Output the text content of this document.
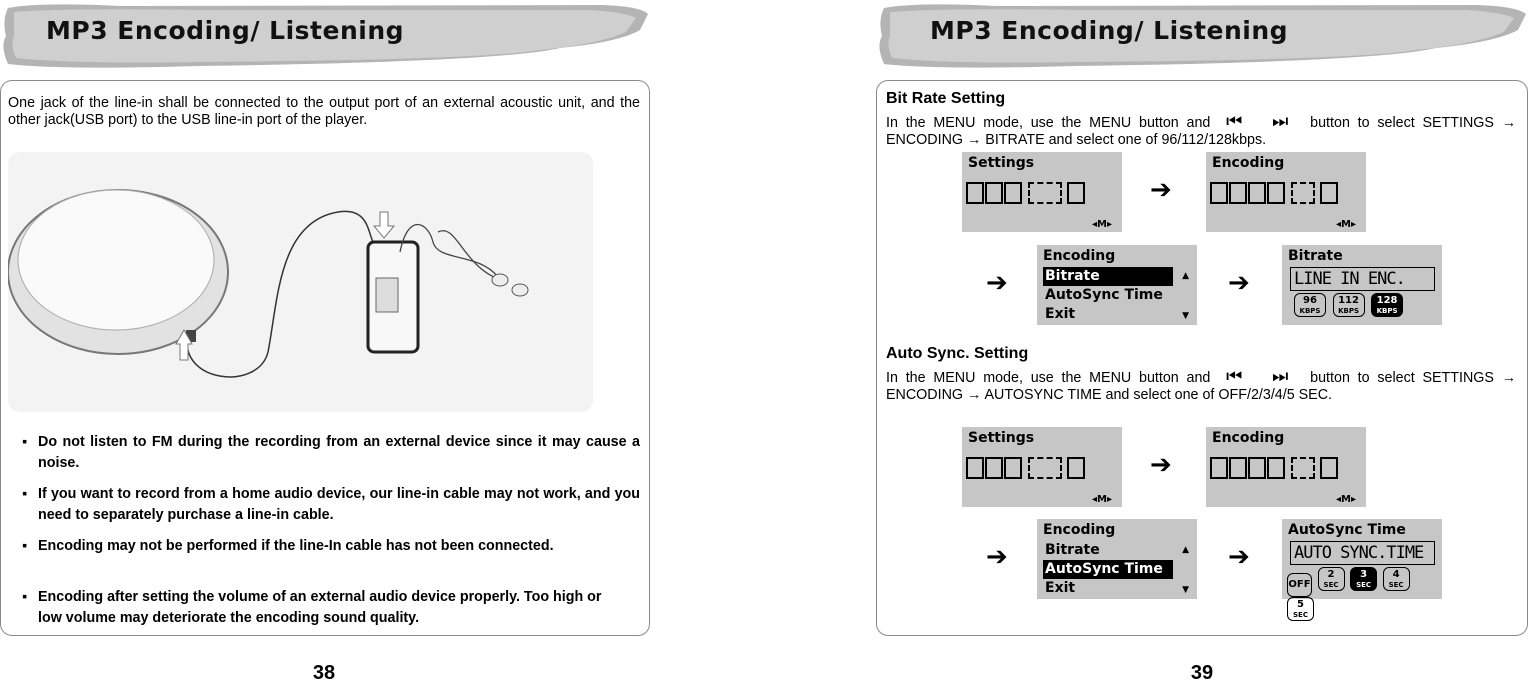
MP3 Encoding/ Listening
One jack of the line-in shall be connected to the output port of an external acoustic unit, and the other jack(USB port) to the USB line-in port of the player.
▪ Do not listen to FM during the recording from an external device since it may cause a noise.
▪ If you want to record from a home audio device, our line-in cable may not work, and you need to separately purchase a line-in cable.
▪ Encoding may not be performed if the line-In cable has not been connected.
▪ Encoding after setting the volume of an external audio device properly. Too high or low volume may deteriorate the encoding sound quality.
38
MP3 Encoding/ Listening
Bit Rate Setting
In the MENU mode, use the MENU button and ⏮ ⏭ button to select SETTINGS → ENCODING → BITRATE and select one of 96/112/128kbps.
Settings

◂M▸
➔
Encoding

◂M▸
➔
Encoding
Bitrate
AutoSync Time
Exit
▲
▼
➔
Bitrate
LINE IN ENC.
96
KBPS
112
KBPS
128
KBPS
Auto Sync. Setting
In the MENU mode, use the MENU button and ⏮ ⏭ button to select SETTINGS → ENCODING → AUTOSYNC TIME and select one of OFF/2/3/4/5 SEC.
Settings

◂M▸
➔
Encoding

◂M▸
➔
Encoding
Bitrate
AutoSync Time
Exit
▲
▼
➔
AutoSync Time
AUTO SYNC.TIME
OFF 2
SEC
3
SEC
4
SEC
5
SEC
39
